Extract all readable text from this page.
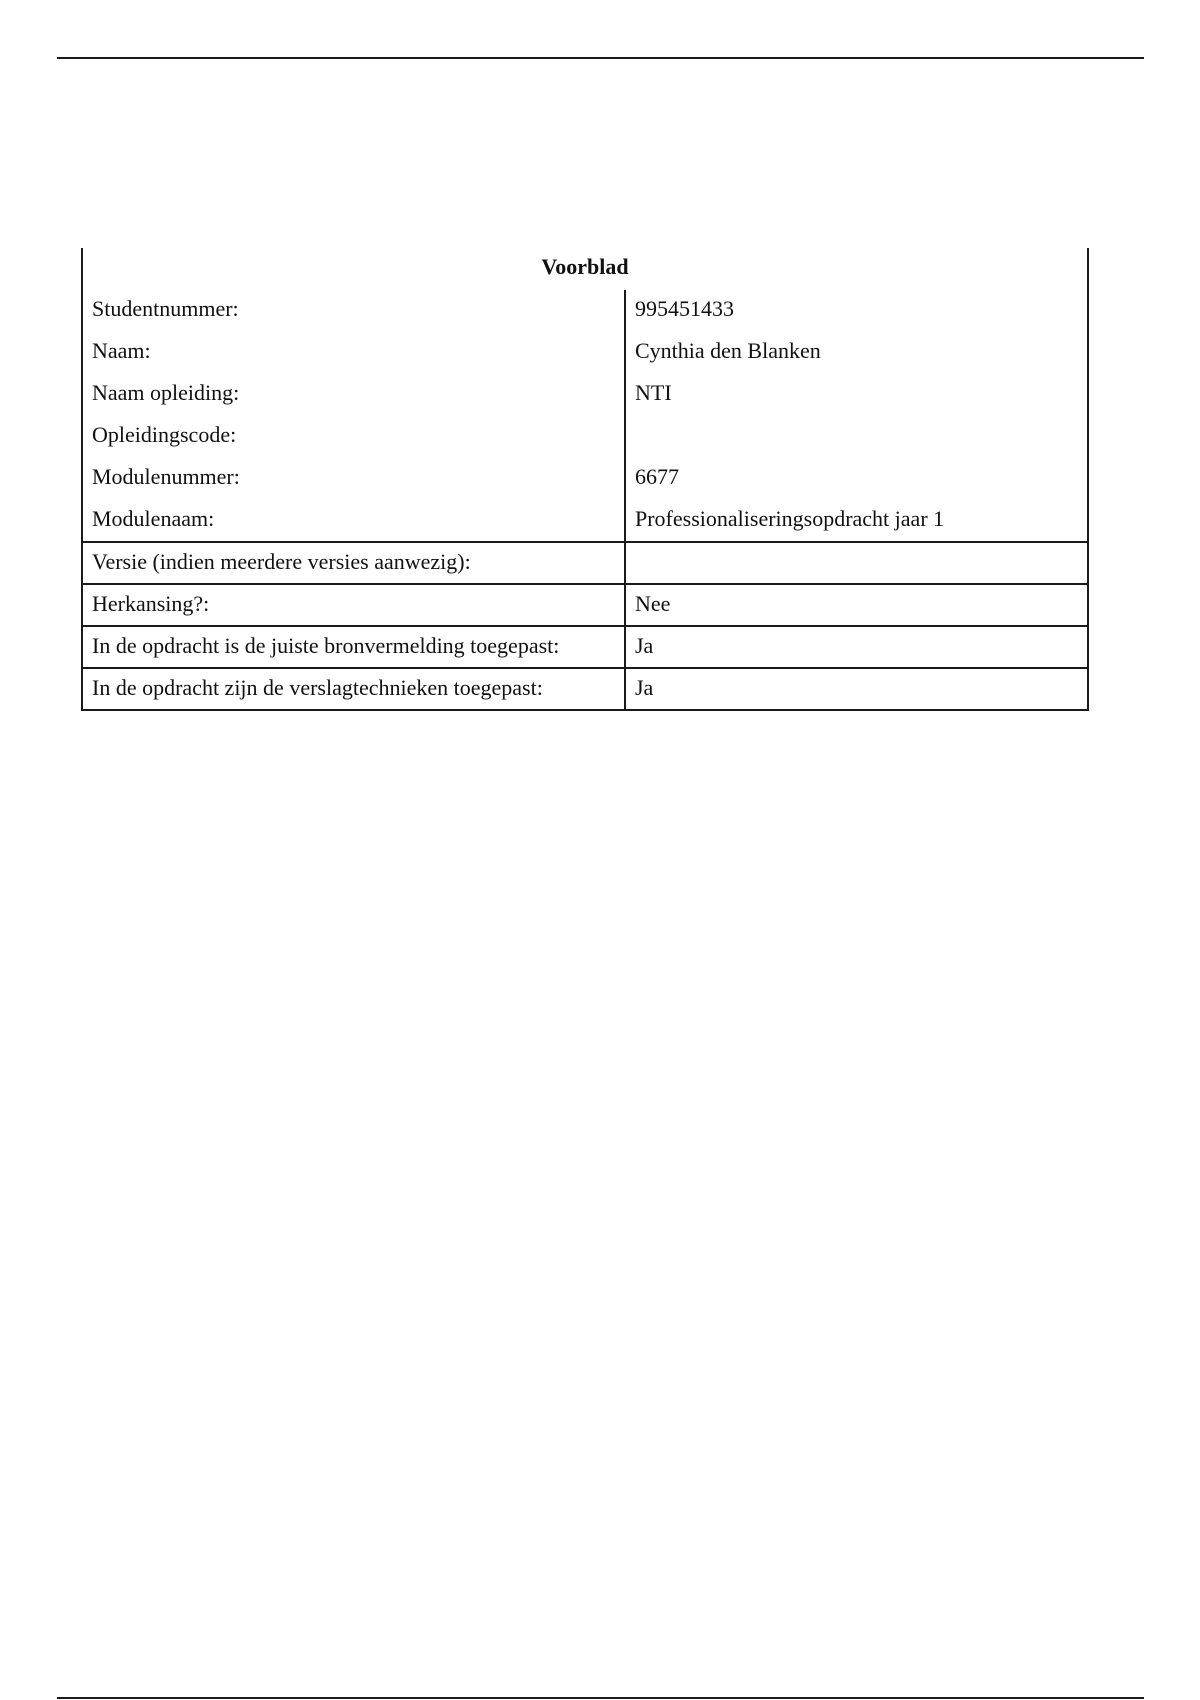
Voorblad	
Studentnummer:	995451433
Naam:	Cynthia den Blanken
Naam opleiding:	NTI
Opleidingscode:	
Modulenummer:	6677
Modulenaam:	Professionaliseringsopdracht jaar 1
Versie (indien meerdere versies aanwezig):	
Herkansing?:	Nee
In de opdracht is de juiste bronvermelding toegepast:	Ja
In de opdracht zijn de verslagtechnieken toegepast:	Ja
